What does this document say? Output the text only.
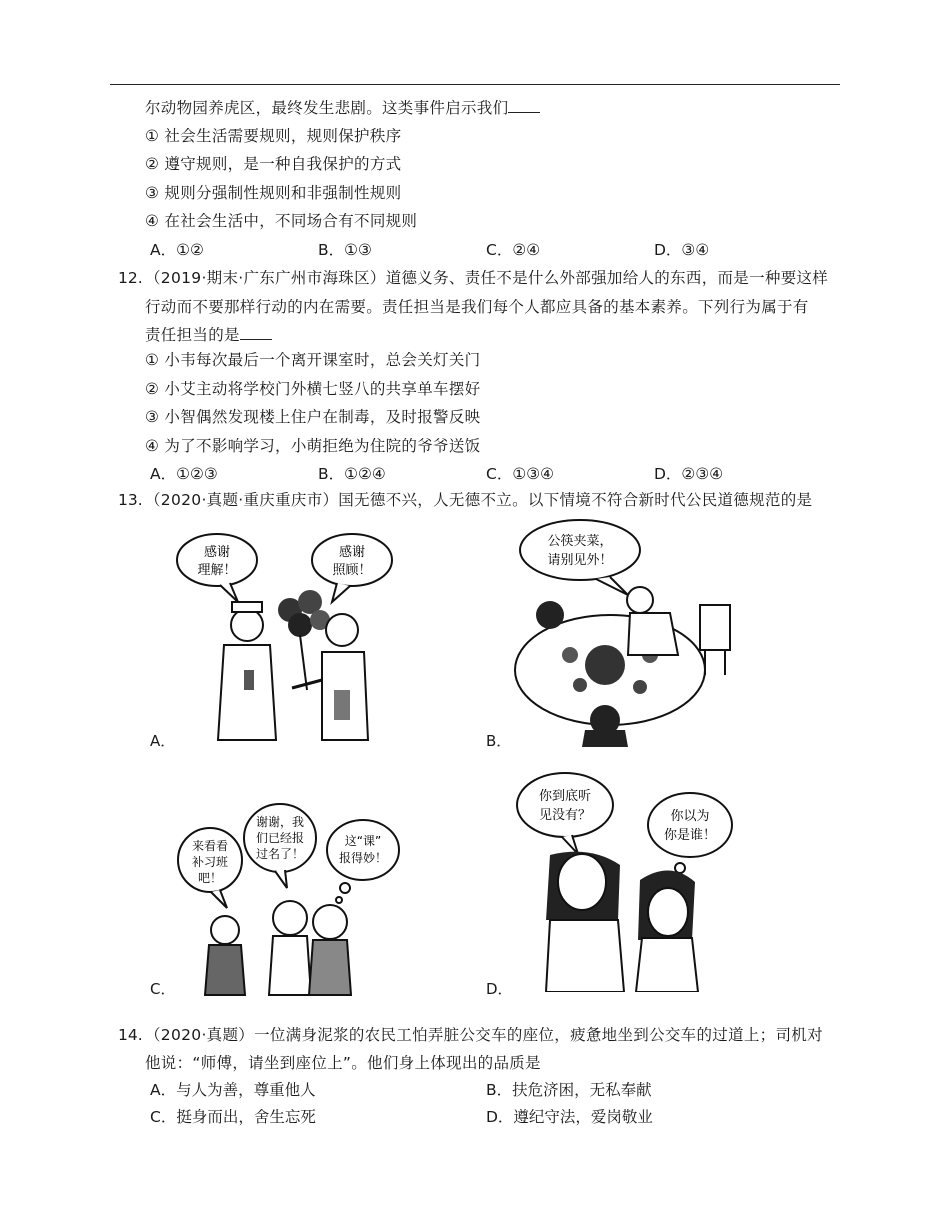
尔动物园养虎区，最终发生悲剧。这类事件启示我们
① 社会生活需要规则，规则保护秩序
② 遵守规则，是一种自我保护的方式
③ 规则分强制性规则和非强制性规则
④ 在社会生活中，不同场合有不同规则
A．①②	B．①③	C．②④	D．③④
12. （2019·期末·广东广州市海珠区）道德义务、责任不是什么外部强加给人的东西，而是一种要这样
行动而不要那样行动的内在需要。责任担当是我们每个人都应具备的基本素养。下列行为属于有
责任担当的是
① 小韦每次最后一个离开课室时，总会关灯关门
② 小艾主动将学校门外横七竖八的共享单车摆好
③ 小智偶然发现楼上住户在制毒，及时报警反映
④ 为了不影响学习，小萌拒绝为住院的爷爷送饭
A．①②③	B．①②④	C．①③④	D．②③④
13. （2020·真题·重庆重庆市）国无德不兴，人无德不立。以下情境不符合新时代公民道德规范的是
感谢
理解！
感谢
照顾！
A．
公筷夹菜，
请别见外！
B．
来看看
补习班
吧！
谢谢，我
们已经报
过名了！
这“课”
报得妙！
C．
你到底听
见没有？	你以为
你是谁！
D．
14. （2020·真题）一位满身泥浆的农民工怕弄脏公交车的座位，疲惫地坐到公交车的过道上；司机对
他说：“师傅，请坐到座位上”。他们身上体现出的品质是
A．与人为善，尊重他人	B．扶危济困，无私奉献
C．挺身而出，舍生忘死	D．遵纪守法，爱岗敬业
